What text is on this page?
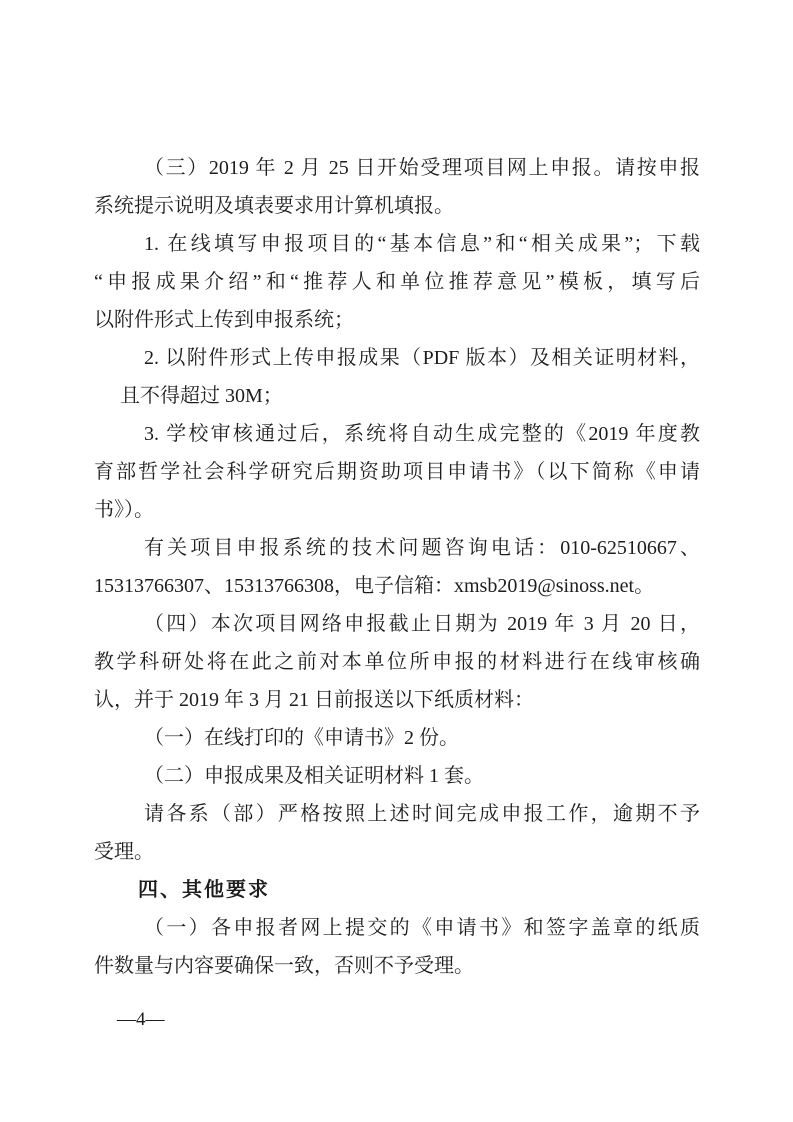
（三）2019 年 2 月 25 日开始受理项目网上申报。请按申报

系统提示说明及填表要求用计算机填报。

1. 在线填写申报项目的“基本信息”和“相关成果”；下载

“申报成果介绍”和“推荐人和单位推荐意见”模板，填写后

以附件形式上传到申报系统；

2. 以附件形式上传申报成果（PDF 版本）及相关证明材料，

且不得超过 30M；

3. 学校审核通过后，系统将自动生成完整的《2019 年度教

育部哲学社会科学研究后期资助项目申请书》（以下简称《申请

书》）。

有关项目申报系统的技术问题咨询电话：010-62510667、

15313766307、15313766308，电子信箱：xmsb2019@sinoss.net。

（四）本次项目网络申报截止日期为 2019 年 3 月 20 日，

教学科研处将在此之前对本单位所申报的材料进行在线审核确

认，并于 2019 年 3 月 21 日前报送以下纸质材料：

（一）在线打印的《申请书》2 份。

（二）申报成果及相关证明材料 1 套。

请各系（部）严格按照上述时间完成申报工作，逾期不予

受理。

四、其他要求

（一）各申报者网上提交的《申请书》和签字盖章的纸质

件数量与内容要确保一致，否则不予受理。

—4—
